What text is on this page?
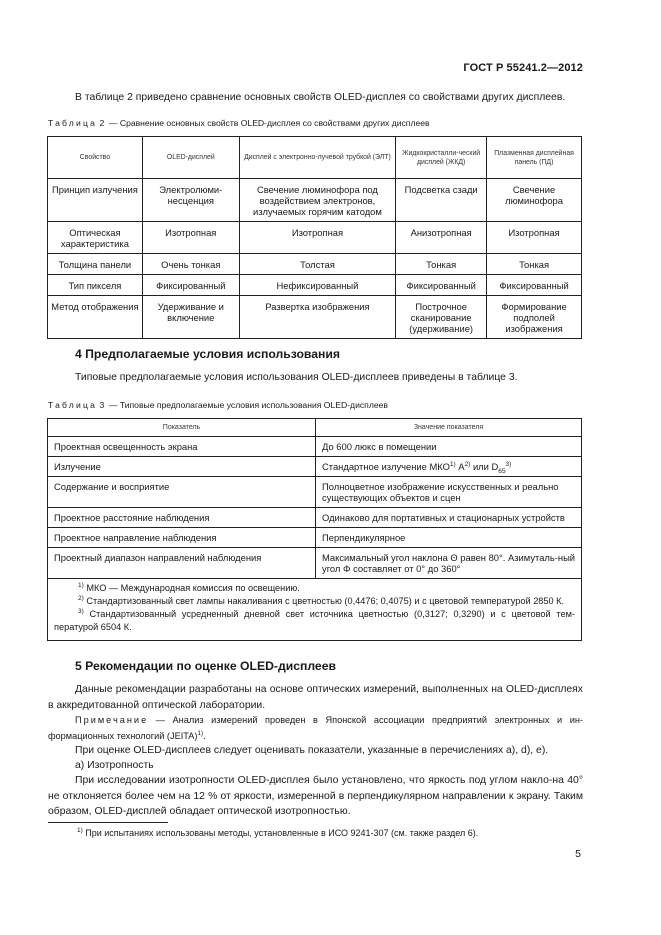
ГОСТ Р 55241.2—2012
В таблице 2 приведено сравнение основных свойств OLED-дисплея со свойствами других дисплеев.
Таблица 2 — Сравнение основных свойств OLED-дисплея со свойствами других дисплеев
Свойство	OLED-дисплей	Дисплей с электронно-лучевой трубкой (ЭЛТ)	Жидкокристалли-ческий дисплей (ЖКД)	Плазменная дисплейная панель (ПД)
Принцип излучения	Электролюми-несценция	Свечение люминофора под воздействием электронов, излучаемых горячим катодом	Подсветка сзади	Свечение люминофора
Оптическая характеристика	Изотропная	Изотропная	Анизотропная	Изотропная
Толщина панели	Очень тонкая	Толстая	Тонкая	Тонкая
Тип пикселя	Фиксированный	Нефиксированный	Фиксированный	Фиксированный
Метод отображения	Удерживание и включение	Развертка изображения	Построчное сканирование (удерживание)	Формирование подполей изображения
4 Предполагаемые условия использования
Типовые предполагаемые условия использования OLED-дисплеев приведены в таблице 3.
Таблица 3 — Типовые предполагаемые условия использования OLED-дисплеев
Показатель	Значение показателя
Проектная освещенность экрана	До 600 люкс в помещении
Излучение	Стандартное излучение МКО$^{1)}$ $A^{2)}$ или $D_{65}^{3)}$
Содержание и восприятие	Полноцветное изображение искусственных и реально существующих объектов и сцен
Проектное расстояние наблюдения	Одинаково для портативных и стационарных устройств
Проектное направление наблюдения	Перпендикулярное
Проектный диапазон направлений наблюдения	Максимальный угол наклона Θ равен 80°. Азимуталь-ный угол Φ составляет от 0° до 360°

$^{1)}$ МКО — Международная комиссия по освещению.
$^{2)}$ Стандартизованный свет лампы накаливания с цветностью (0,4476; 0,4075) и с цветовой температурой 2850 К.
$^{3)}$ Стандартизованный усредненный дневной свет источника цветностью (0,3127; 0,3290) и с цветовой тем-пературой 6504 К.	
5 Рекомендации по оценке OLED-дисплеев
Данные рекомендации разработаны на основе оптических измерений, выполненных на OLED-дисплеях в аккредитованной оптической лаборатории.
Примечание — Анализ измерений проведен в Японской ассоциации предприятий электронных и ин-формационных технологий (JEITA)$^{1)}$.
При оценке OLED-дисплеев следует оценивать показатели, указанные в перечислениях а), d), е).
а) Изотропность
При исследовании изотропности OLED-дисплея было установлено, что яркость под углом накло-на 40° не отклоняется более чем на 12 % от яркости, измеренной в перпендикулярном направлении к экрану. Таким образом, OLED-дисплей обладает оптической изотропностью.
$^{1)}$ При испытаниях использованы методы, установленные в ИСО 9241-307 (см. также раздел 6).
5
